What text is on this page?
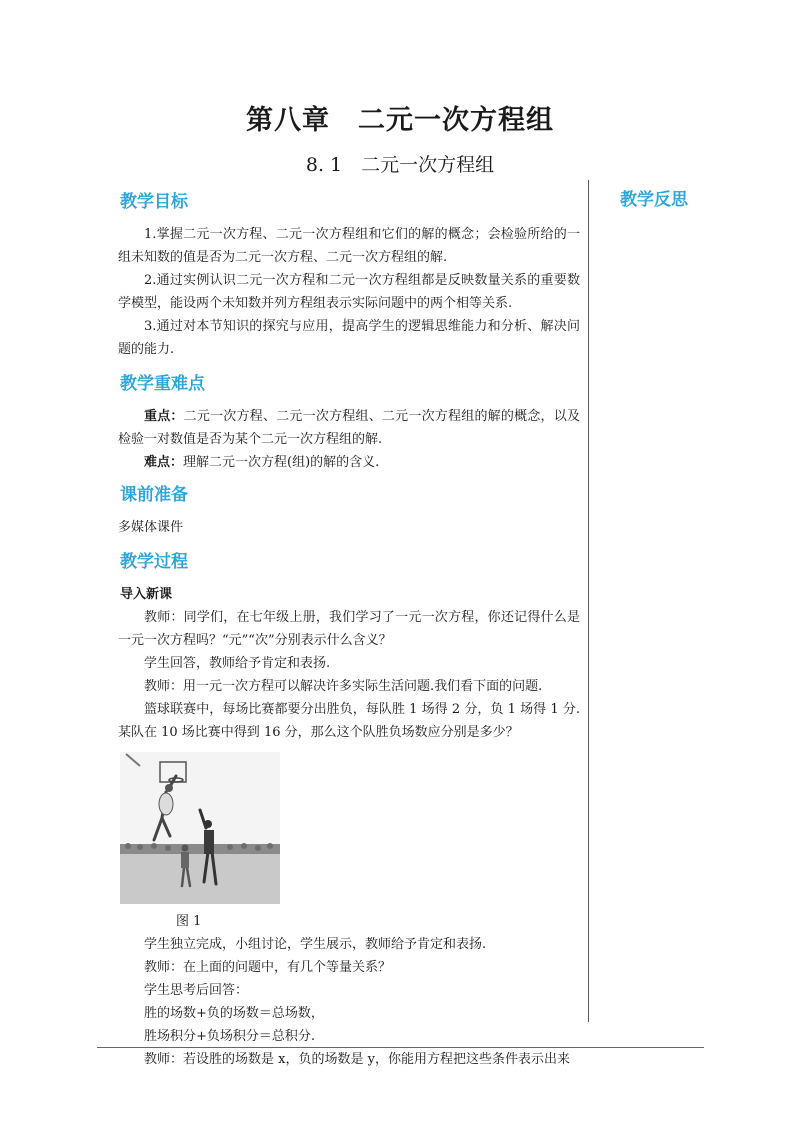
第八章　二元一次方程组
8. 1　二元一次方程组
教学反思
教学目标

1.掌握二元一次方程、二元一次方程组和它们的解的概念；会检验所给的一组未知数的值是否为二元一次方程、二元一次方程组的解.

2.通过实例认识二元一次方程和二元一次方程组都是反映数量关系的重要数学模型，能设两个未知数并列方程组表示实际问题中的两个相等关系.

3.通过对本节知识的探究与应用，提高学生的逻辑思维能力和分析、解决问题的能力.

教学重难点

重点：二元一次方程、二元一次方程组、二元一次方程组的解的概念，以及检验一对数值是否为某个二元一次方程组的解.

难点：理解二元一次方程(组)的解的含义.

课前准备

多媒体课件

教学过程
导入新课

教师：同学们，在七年级上册，我们学习了一元一次方程，你还记得什么是一元一次方程吗？“元”“次”分别表示什么含义？

学生回答，教师给予肯定和表扬.

教师：用一元一次方程可以解决许多实际生活问题.我们看下面的问题.

篮球联赛中，每场比赛都要分出胜负，每队胜 1 场得 2 分，负 1 场得 1 分.某队在 10 场比赛中得到 16 分，那么这个队胜负场数应分别是多少？

图 1

学生独立完成，小组讨论，学生展示，教师给予肯定和表扬.

教师：在上面的问题中，有几个等量关系？

学生思考后回答：

胜的场数+负的场数＝总场数，

胜场积分+负场积分＝总积分.

教师：若设胜的场数是 x，负的场数是 y，你能用方程把这些条件表示出来
